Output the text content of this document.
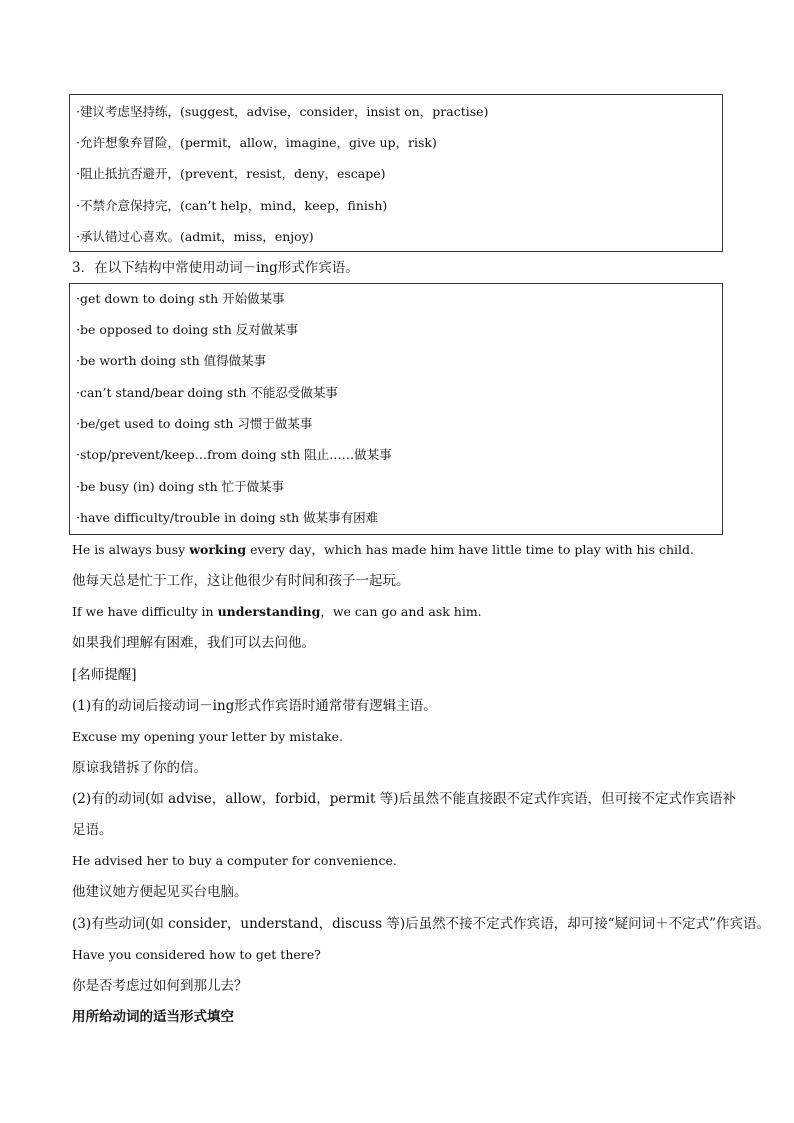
·建议考虑坚持练，(suggest，advise，consider，insist on，practise)
·允许想象弃冒险，(permit，allow，imagine，give up，risk)
·阻止抵抗否避开，(prevent，resist，deny，escape)
·不禁介意保持完，(can’t help，mind，keep，finish)
·承认错过心喜欢。(admit，miss，enjoy)
3．在以下结构中常使用动词－ing形式作宾语。
·get down to doing sth 开始做某事
·be opposed to doing sth 反对做某事
·be worth doing sth 值得做某事
·can’t stand/bear doing sth 不能忍受做某事
·be/get used to doing sth 习惯于做某事
·stop/prevent/keep…from doing sth 阻止……做某事
·be busy (in) doing sth 忙于做某事
·have difficulty/trouble in doing sth 做某事有困难
He is always busy working every day，which has made him have little time to play with his child.
他每天总是忙于工作，这让他很少有时间和孩子一起玩。
If we have difficulty in understanding，we can go and ask him.
如果我们理解有困难，我们可以去问他。
[名师提醒]
(1)有的动词后接动词－ing形式作宾语时通常带有逻辑主语。
Excuse my opening your letter by mistake.
原谅我错拆了你的信。
(2)有的动词(如 advise，allow，forbid，permit 等)后虽然不能直接跟不定式作宾语，但可接不定式作宾语补
足语。
He advised her to buy a computer for convenience.
他建议她方便起见买台电脑。
(3)有些动词(如 consider，understand，discuss 等)后虽然不接不定式作宾语，却可接“疑问词＋不定式”作宾语。
Have you considered how to get there?
你是否考虑过如何到那儿去？
用所给动词的适当形式填空
